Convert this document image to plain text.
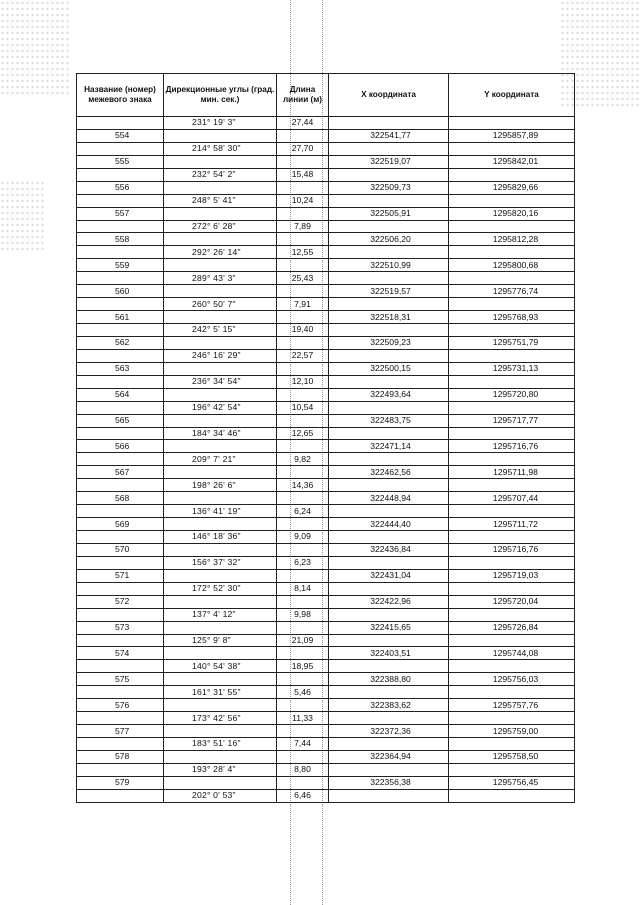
Название (номер) межевого знака	Дирекционные углы (град. мин. сек.)	Длина линии (м)	X координата	Y координата
	231° 19' 3"	27,44		
554			322541,77	1295857,89
	214° 58' 30"	27,70		
555			322519,07	1295842,01
	232° 54' 2"	15,48		
556			322509,73	1295829,66
	248° 5' 41"	10,24		
557			322505,91	1295820,16
	272° 6' 28"	7,89		
558			322506,20	1295812,28
	292° 26' 14"	12,55		
559			322510,99	1295800,68
	289° 43' 3"	25,43		
560			322519,57	1295776,74
	260° 50' 7"	7,91		
561			322518,31	1295768,93
	242° 5' 15"	19,40		
562			322509,23	1295751,79
	246° 16' 29"	22,57		
563			322500,15	1295731,13
	236° 34' 54"	12,10		
564			322493,64	1295720,80
	196° 42' 54"	10,54		
565			322483,75	1295717,77
	184° 34' 46"	12,65		
566			322471,14	1295716,76
	209° 7' 21"	9,82		
567			322462,56	1295711,98
	198° 26' 6"	14,36		
568			322448,94	1295707,44
	136° 41' 19"	6,24		
569			322444,40	1295711,72
	146° 18' 36"	9,09		
570			322436,84	1295716,76
	156° 37' 32"	6,23		
571			322431,04	1295719,03
	172° 52' 30"	8,14		
572			322422,96	1295720,04
	137° 4' 12"	9,98		
573			322415,65	1295726,84
	125° 9' 8"	21,09		
574			322403,51	1295744,08
	140° 54' 38"	18,95		
575			322388,80	1295756,03
	161° 31' 55"	5,46		
576			322383,62	1295757,76
	173° 42' 56"	11,33		
577			322372,36	1295759,00
	183° 51' 16"	7,44		
578			322364,94	1295758,50
	193° 28' 4"	8,80		
579			322356,38	1295756,45
	202° 0' 53"	6,46		
